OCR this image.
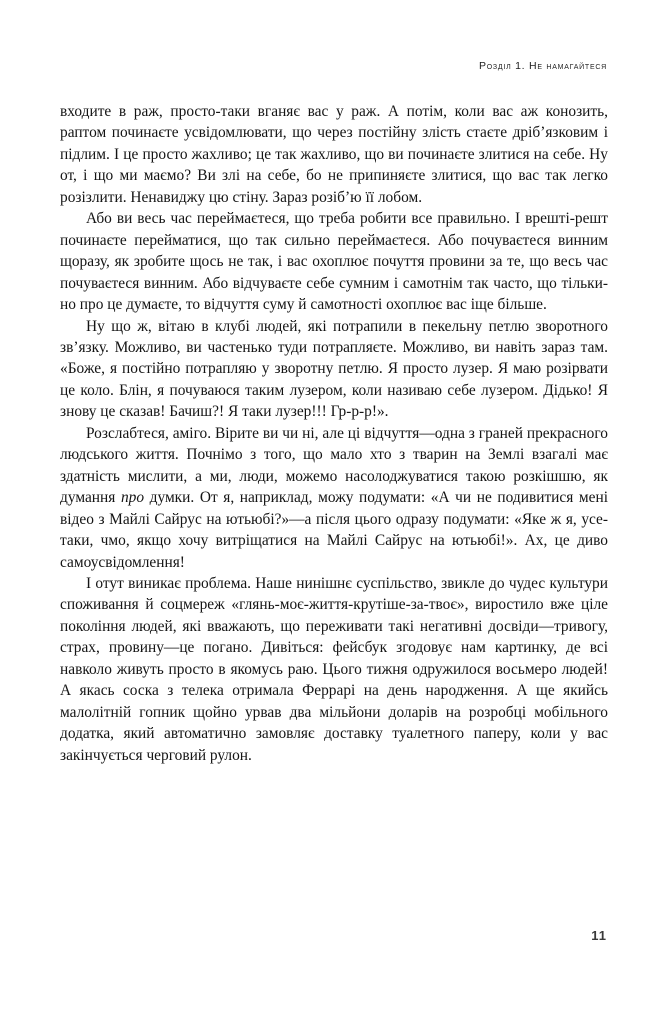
Розділ 1. Не намагайтеся

входите в раж, просто-таки вганяє вас у раж. А потім, коли вас аж конозить, раптом починаєте усвідомлювати, що через постійну злість стаєте дріб’язковим і підлим. І це просто жахливо; це так жахливо, що ви починаєте злитися на себе. Ну от, і що ми маємо? Ви злі на себе, бо не припиняєте злитися, що вас так легко розізлити. Ненавиджу цю стіну. Зараз розіб’ю її лобом.

Або ви весь час переймаєтеся, що треба робити все правильно. І врешті-решт починаєте перейматися, що так сильно переймаєтеся. Або почуваєтеся винним щоразу, як зробите щось не так, і вас охоплює почуття провини за те, що весь час почуваєтеся винним. Або відчуваєте себе сумним і самотнім так часто, що тільки-но про це думаєте, то відчуття суму й самотності охоплює вас іще більше.

Ну що ж, вітаю в клубі людей, які потрапили в пекельну петлю зворотного зв’язку. Можливо, ви частенько туди потрапляєте. Можливо, ви навіть зараз там. «Боже, я постійно потрапляю у зворотну петлю. Я просто лузер. Я маю розірвати це коло. Блін, я почуваюся таким лузером, коли називаю себе лузером. Дідько! Я знову це сказав! Бачиш?! Я таки лузер!!! Гр-р-р!».

Розслабтеся, аміго. Вірите ви чи ні, але ці відчуття—одна з граней прекрасного людського життя. Почнімо з того, що мало хто з тварин на Землі взагалі має здатність мислити, а ми, люди, можемо насолоджуватися такою розкішшю, як думання про думки. От я, наприклад, можу подумати: «А чи не подивитися мені відео з Майлі Сайрус на ютьюбі?»—а після цього одразу подумати: «Яке ж я, усе-таки, чмо, якщо хочу витріщатися на Майлі Сайрус на ютьюбі!». Ах, це диво самоусвідомлення!

І отут виникає проблема. Наше нинішнє суспільство, звикле до чудес культури споживання й соцмереж «глянь-моє-життя-крутіше-за-твоє», виростило вже ціле покоління людей, які вважають, що переживати такі негативні досвіди—тривогу, страх, провину—це погано. Дивіться: фейсбук згодовує нам картинку, де всі навколо живуть просто в якомусь раю. Цього тижня одружилося восьмеро людей! А якась соска з телека отримала Феррарі на день народження. А ще якийсь малолітній гопник щойно урвав два мільйони доларів на розробці мобільного додатка, який автоматично замовляє доставку туалетного паперу, коли у вас закінчується черговий рулон.

11
